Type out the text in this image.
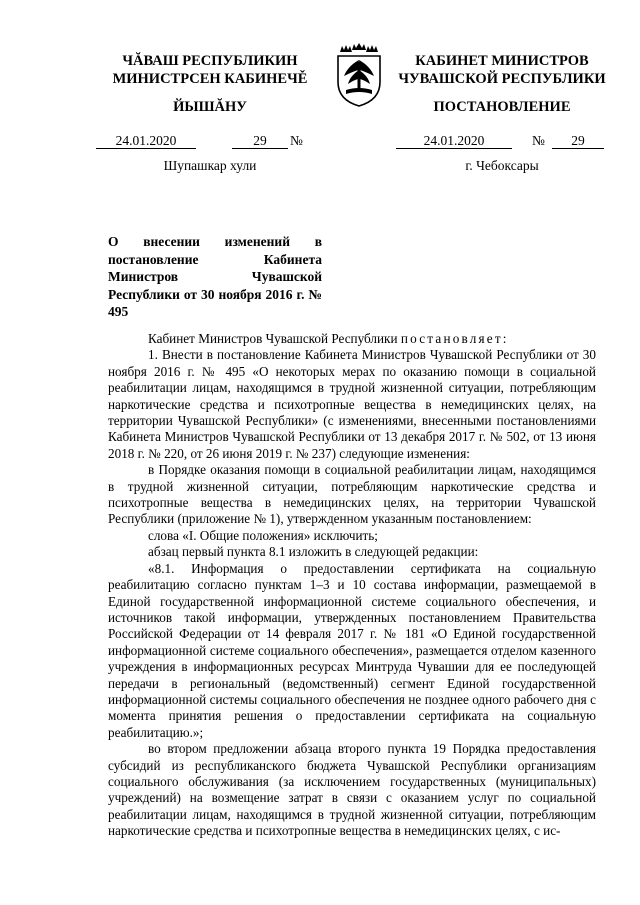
ЧĂВАШ РЕСПУБЛИКИН
МИНИСТРСЕН КАБИНЕЧĚ
КАБИНЕТ МИНИСТРОВ
ЧУВАШСКОЙ РЕСПУБЛИКИ
ЙЫШĂНУ	ПОСТАНОВЛЕНИЕ
24.01.2020	29	№	24.01.2020	№	29
Шупашкар хули	г. Чебоксары
О внесении изменений в постановление Кабинета Министров Чувашской Республики от 30 ноября 2016 г. № 495

Кабинет Министров Чувашской Республики постановляет:

1. Внести в постановление Кабинета Министров Чувашской Республики от 30 ноября 2016 г. № 495 «О некоторых мерах по оказанию помощи в социальной реабилитации лицам, находящимся в трудной жизненной ситуации, потребляющим наркотические средства и психотропные вещества в немедицинских целях, на территории Чувашской Республики» (с изменениями, внесенными постановлениями Кабинета Министров Чувашской Республики от 13 декабря 2017 г. № 502, от 13 июня 2018 г. № 220, от 26 июня 2019 г. № 237) следующие изменения:

в Порядке оказания помощи в социальной реабилитации лицам, находящимся в трудной жизненной ситуации, потребляющим наркотические средства и психотропные вещества в немедицинских целях, на территории Чувашской Республики (приложение № 1), утвержденном указанным постановлением:

слова «I. Общие положения» исключить;

абзац первый пункта 8.1 изложить в следующей редакции:

«8.1. Информация о предоставлении сертификата на социальную реабилитацию согласно пунктам 1–3 и 10 состава информации, размещаемой в Единой государственной информационной системе социального обеспечения, и источников такой информации, утвержденных постановлением Правительства Российской Федерации от 14 февраля 2017 г. № 181 «О Единой государственной информационной системе социального обеспечения», размещается отделом казенного учреждения в информационных ресурсах Минтруда Чувашии для ее последующей передачи в региональный (ведомственный) сегмент Единой государственной информационной системы социального обеспечения не позднее одного рабочего дня с момента принятия решения о предоставлении сертификата на социальную реабилитацию.»;

во втором предложении абзаца второго пункта 19 Порядка предоставления субсидий из республиканского бюджета Чувашской Республики организациям социального обслуживания (за исключением государственных (муниципальных) учреждений) на возмещение затрат в связи с оказанием услуг по социальной реабилитации лицам, находящимся в трудной жизненной ситуации, потребляющим наркотические средства и психотропные вещества в немедицинских целях, с ис-
